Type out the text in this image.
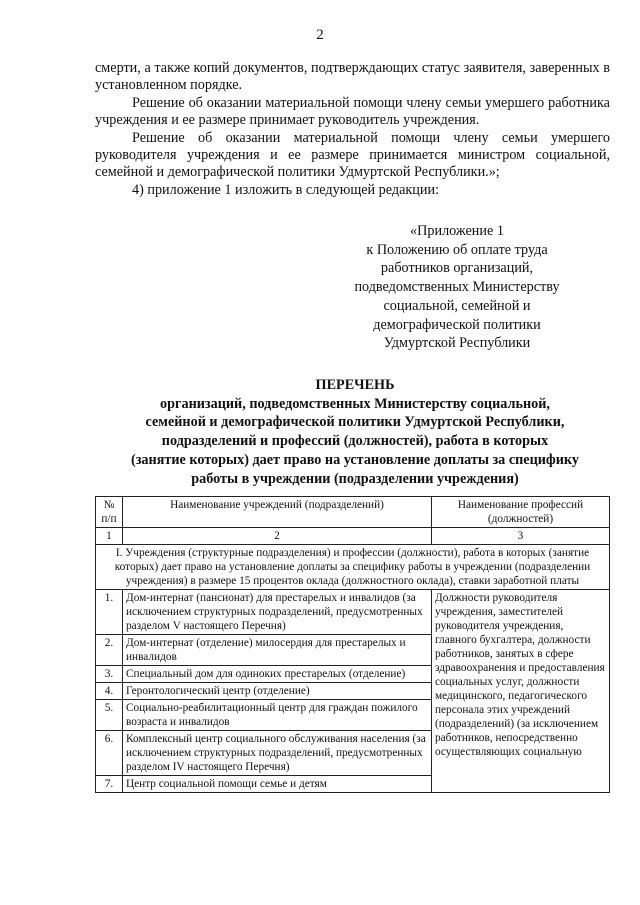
2

смерти, а также копий документов, подтверждающих статус заявителя, заверенных в установленном порядке.

Решение об оказании материальной помощи члену семьи умершего работника учреждения и ее размере принимает руководитель учреждения.

Решение об оказании материальной помощи члену семьи умершего руководителя учреждения и ее размере принимается министром социальной, семейной и демографической политики Удмуртской Республики.»;

4) приложение 1 изложить в следующей редакции:

«Приложение 1
к Положению об оплате труда
работников организаций,
подведомственных Министерству
социальной, семейной и
демографической политики
Удмуртской Республики
ПЕРЕЧЕНЬ
организаций, подведомственных Министерству социальной,
семейной и демографической политики Удмуртской Республики,
подразделений и профессий (должностей), работа в которых
(занятие которых) дает право на установление доплаты за специфику
работы в учреждении (подразделении учреждения)
№ п/п	Наименование учреждений (подразделений)	Наименование профессий (должностей)
1	2	3
I. Учреждения (структурные подразделения) и профессии (должности), работа в которых (занятие которых) дает право на установление доплаты за специфику работы в учреждении (подразделении учреждения) в размере 15 процентов оклада (должностного оклада), ставки заработной платы		
1.	Дом-интернат (пансионат) для престарелых и инвалидов (за исключением структурных подразделений, предусмотренных разделом V настоящего Перечня)	Должности руководителя учреждения, заместителей руководителя учреждения, главного бухгалтера, должности работников, занятых в сфере здравоохранения и предоставления социальных услуг, должности медицинского, педагогического персонала этих учреждений (подразделений) (за исключением работников, непосредственно осуществляющих социальную
2.	Дом-интернат (отделение) милосердия для престарелых и инвалидов	
3.	Специальный дом для одиноких престарелых (отделение)	
4.	Геронтологический центр (отделение)	
5.	Социально-реабилитационный центр для граждан пожилого возраста и инвалидов	
6.	Комплексный центр социального обслуживания населения (за исключением структурных подразделений, предусмотренных разделом IV настоящего Перечня)	
7.	Центр социальной помощи семье и детям	
